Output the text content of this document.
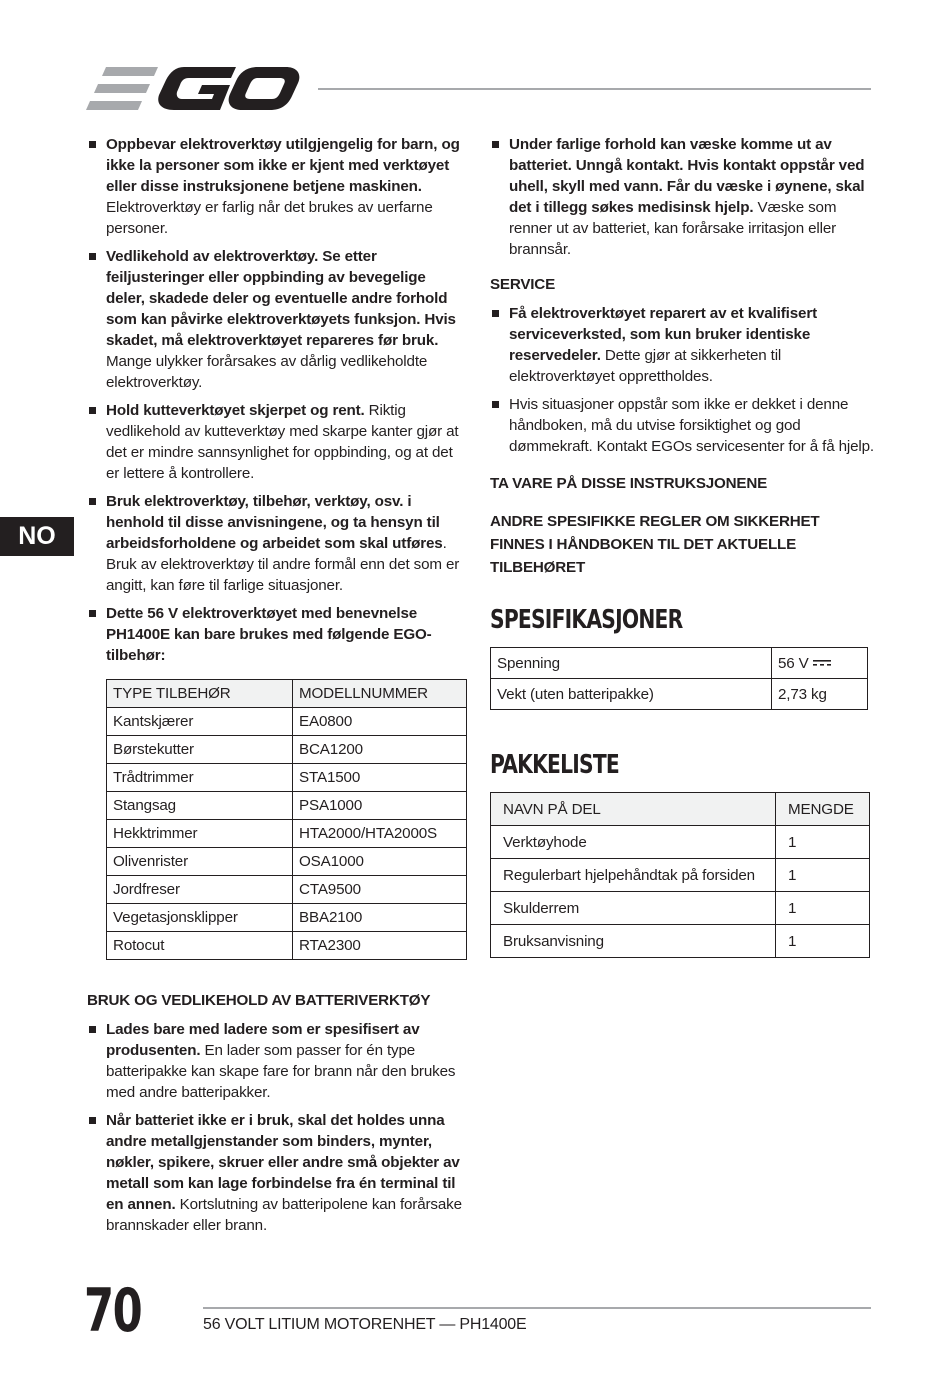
Oppbevar elektroverktøy utilgjengelig for barn, og ikke la personer som ikke er kjent med verktøyet eller disse instruksjonene betjene maskinen. Elektroverktøy er farlig når det brukes av uerfarne personer.
Vedlikehold av elektroverktøy. Se etter feiljusteringer eller oppbinding av bevegelige deler, skadede deler og eventuelle andre forhold som kan påvirke elektroverktøyets funksjon. Hvis skadet, må elektroverktøyet repareres før bruk. Mange ulykker forårsakes av dårlig vedlikeholdte elektroverktøy.
Hold kutteverktøyet skjerpet og rent. Riktig vedlikehold av kutteverktøy med skarpe kanter gjør at det er mindre sannsynlighet for oppbinding, og at det er lettere å kontrollere.
Bruk elektroverktøy, tilbehør, verktøy, osv. i henhold til disse anvisningene, og ta hensyn til arbeidsforholdene og arbeidet som skal utføres. Bruk av elektroverktøy til andre formål enn det som er angitt, kan føre til farlige situasjoner.
Dette 56 V elektroverktøyet med benevnelse PH1400E kan bare brukes med følgende EGO-tilbehør:
TYPE TILBEHØR	MODELLNUMMER
Kantskjærer	EA0800
Børstekutter	BCA1200
Trådtrimmer	STA1500
Stangsag	PSA1000
Hekktrimmer	HTA2000/HTA2000S
Olivenrister	OSA1000
Jordfreser	CTA9500
Vegetasjonsklipper	BBA2100
Rotocut	RTA2300

BRUK OG VEDLIKEHOLD AV BATTERIVERKTØY

Lades bare med ladere som er spesifisert av produsenten. En lader som passer for én type batteripakke kan skape fare for brann når den brukes med andre batteripakker.
Når batteriet ikke er i bruk, skal det holdes unna andre metallgjenstander som binders, mynter, nøkler, spikere, skruer eller andre små objekter av metall som kan lage forbindelse fra én terminal til en annen. Kortslutning av batteripolene kan forårsake brannskader eller brann.
Under farlige forhold kan væske komme ut av batteriet. Unngå kontakt. Hvis kontakt oppstår ved uhell, skyll med vann. Får du væske i øynene, skal det i tillegg søkes medisinsk hjelp. Væske som renner ut av batteriet, kan forårsake irritasjon eller brannsår.

SERVICE

Få elektroverktøyet reparert av et kvalifisert serviceverksted, som kun bruker identiske reservedeler. Dette gjør at sikkerheten til elektroverktøyet opprettholdes.
Hvis situasjoner oppstår som ikke er dekket i denne håndboken, må du utvise forsiktighet og god dømmekraft. Kontakt EGOs servicesenter for å få hjelp.

TA VARE PÅ DISSE INSTRUKSJONENE

ANDRE SPESIFIKKE REGLER OM SIKKERHET FINNES I HÅNDBOKEN TIL DET AKTUELLE TILBEHØRET

SPESIFIKASJONER

Spenning	56 V
Vekt (uten batteripakke)	2,73 kg

PAKKELISTE

NAVN PÅ DEL	MENGDE
Verktøyhode	1
Regulerbart hjelpehåndtak på forsiden	1
Skulderrem	1
Bruksanvisning	1
NO
70	56 VOLT LITIUM MOTORENHET — PH1400E
